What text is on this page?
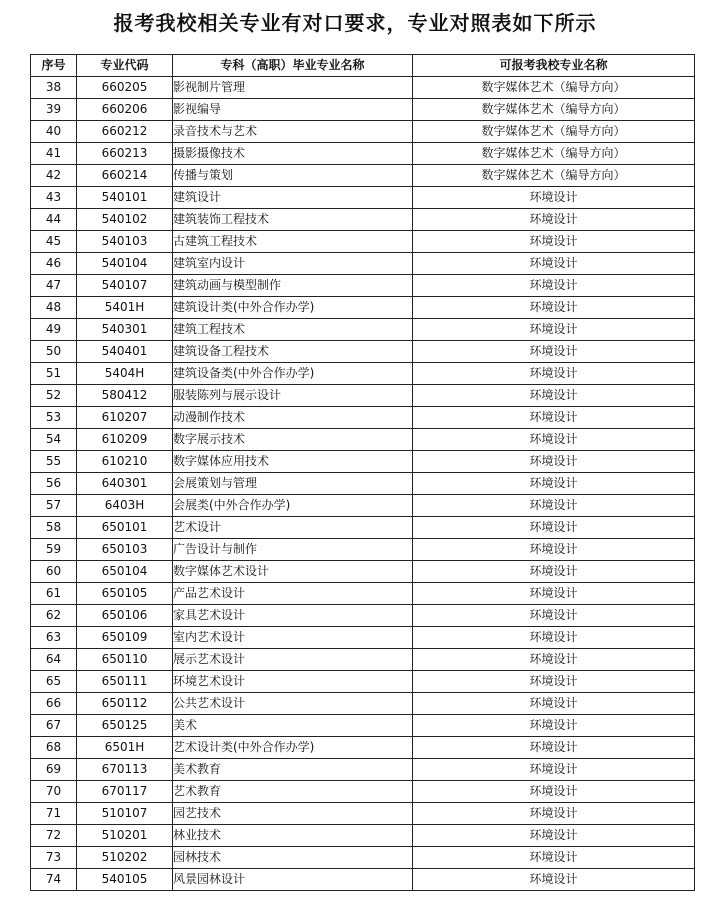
报考我校相关专业有对口要求，专业对照表如下所示
序号	专业代码	专科（高职）毕业专业名称	可报考我校专业名称
38	660205	影视制片管理	数字媒体艺术（编导方向）
39	660206	影视编导	数字媒体艺术（编导方向）
40	660212	录音技术与艺术	数字媒体艺术（编导方向）
41	660213	摄影摄像技术	数字媒体艺术（编导方向）
42	660214	传播与策划	数字媒体艺术（编导方向）
43	540101	建筑设计	环境设计
44	540102	建筑装饰工程技术	环境设计
45	540103	古建筑工程技术	环境设计
46	540104	建筑室内设计	环境设计
47	540107	建筑动画与模型制作	环境设计
48	5401H	建筑设计类(中外合作办学)	环境设计
49	540301	建筑工程技术	环境设计
50	540401	建筑设备工程技术	环境设计
51	5404H	建筑设备类(中外合作办学)	环境设计
52	580412	服装陈列与展示设计	环境设计
53	610207	动漫制作技术	环境设计
54	610209	数字展示技术	环境设计
55	610210	数字媒体应用技术	环境设计
56	640301	会展策划与管理	环境设计
57	6403H	会展类(中外合作办学)	环境设计
58	650101	艺术设计	环境设计
59	650103	广告设计与制作	环境设计
60	650104	数字媒体艺术设计	环境设计
61	650105	产品艺术设计	环境设计
62	650106	家具艺术设计	环境设计
63	650109	室内艺术设计	环境设计
64	650110	展示艺术设计	环境设计
65	650111	环境艺术设计	环境设计
66	650112	公共艺术设计	环境设计
67	650125	美术	环境设计
68	6501H	艺术设计类(中外合作办学)	环境设计
69	670113	美术教育	环境设计
70	670117	艺术教育	环境设计
71	510107	园艺技术	环境设计
72	510201	林业技术	环境设计
73	510202	园林技术	环境设计
74	540105	风景园林设计	环境设计
